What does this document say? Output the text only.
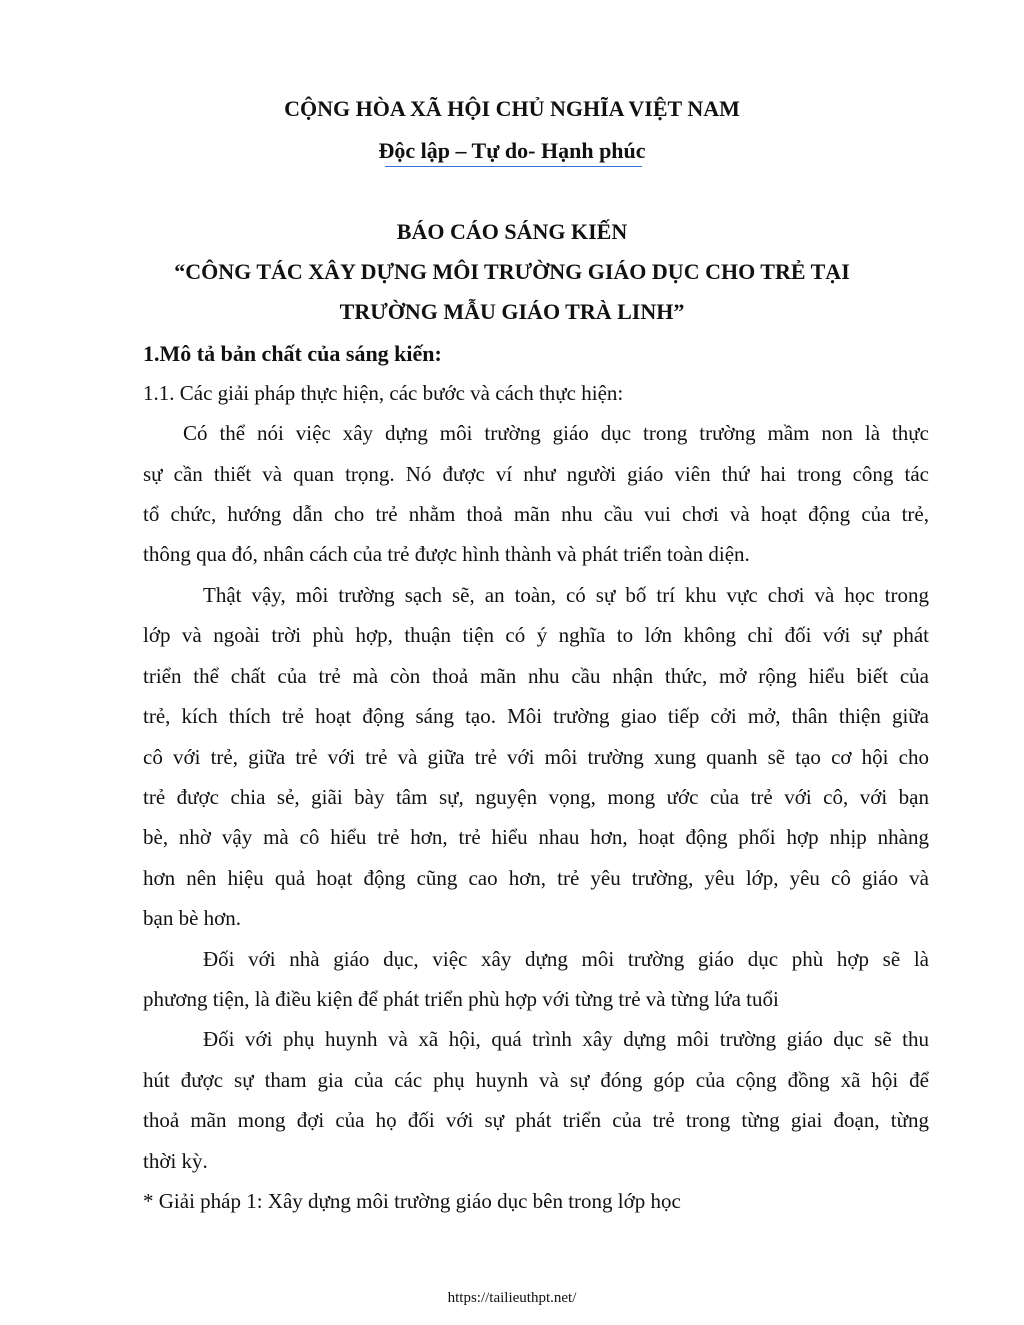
CỘNG HÒA XÃ HỘI CHỦ NGHĨA VIỆT NAM
Độc lập – Tự do- Hạnh phúc
BÁO CÁO SÁNG KIẾN
“CÔNG TÁC XÂY DỰNG MÔI TRƯỜNG GIÁO DỤC CHO TRẺ TẠI
TRƯỜNG MẪU GIÁO TRÀ LINH”
1.Mô tả bản chất của sáng kiến:
1.1. Các giải pháp thực hiện, các bước và cách thực hiện:
Có thể nói việc xây dựng môi trường giáo dục trong trường mầm non là thực
sự cần thiết và quan trọng. Nó được ví như người giáo viên thứ hai trong công tác
tổ chức, hướng dẫn cho trẻ nhằm thoả mãn nhu cầu vui chơi và hoạt động của trẻ,
thông qua đó, nhân cách của trẻ được hình thành và phát triển toàn diện.
Thật vậy, môi trường sạch sẽ, an toàn, có sự bố trí khu vực chơi và học trong
lớp và ngoài trời phù hợp, thuận tiện có ý nghĩa to lớn không chỉ đối với sự phát
triển thể chất của trẻ mà còn thoả mãn nhu cầu nhận thức, mở rộng hiểu biết của
trẻ, kích thích trẻ hoạt động sáng tạo. Môi trường giao tiếp cởi mở, thân thiện giữa
cô với trẻ, giữa trẻ với trẻ và giữa trẻ với môi trường xung quanh sẽ tạo cơ hội cho
trẻ được chia sẻ, giãi bày tâm sự, nguyện vọng, mong ước của trẻ với cô, với bạn
bè, nhờ vậy mà cô hiểu trẻ hơn, trẻ hiểu nhau hơn, hoạt động phối hợp nhịp nhàng
hơn nên hiệu quả hoạt động cũng cao hơn, trẻ yêu trường, yêu lớp, yêu cô giáo và
bạn bè hơn.
Đối với nhà giáo dục, việc xây dựng môi trường giáo dục phù hợp sẽ là
phương tiện, là điều kiện để phát triển phù hợp với từng trẻ và từng lứa tuổi
Đối với phụ huynh và xã hội, quá trình xây dựng môi trường giáo dục sẽ thu
hút được sự tham gia của các phụ huynh và sự đóng góp của cộng đồng xã hội để
thoả mãn mong đợi của họ đối với sự phát triển của trẻ trong từng giai đoạn, từng
thời kỳ.
* Giải pháp 1: Xây dựng môi trường giáo dục bên trong lớp học
https://tailieuthpt.net/
